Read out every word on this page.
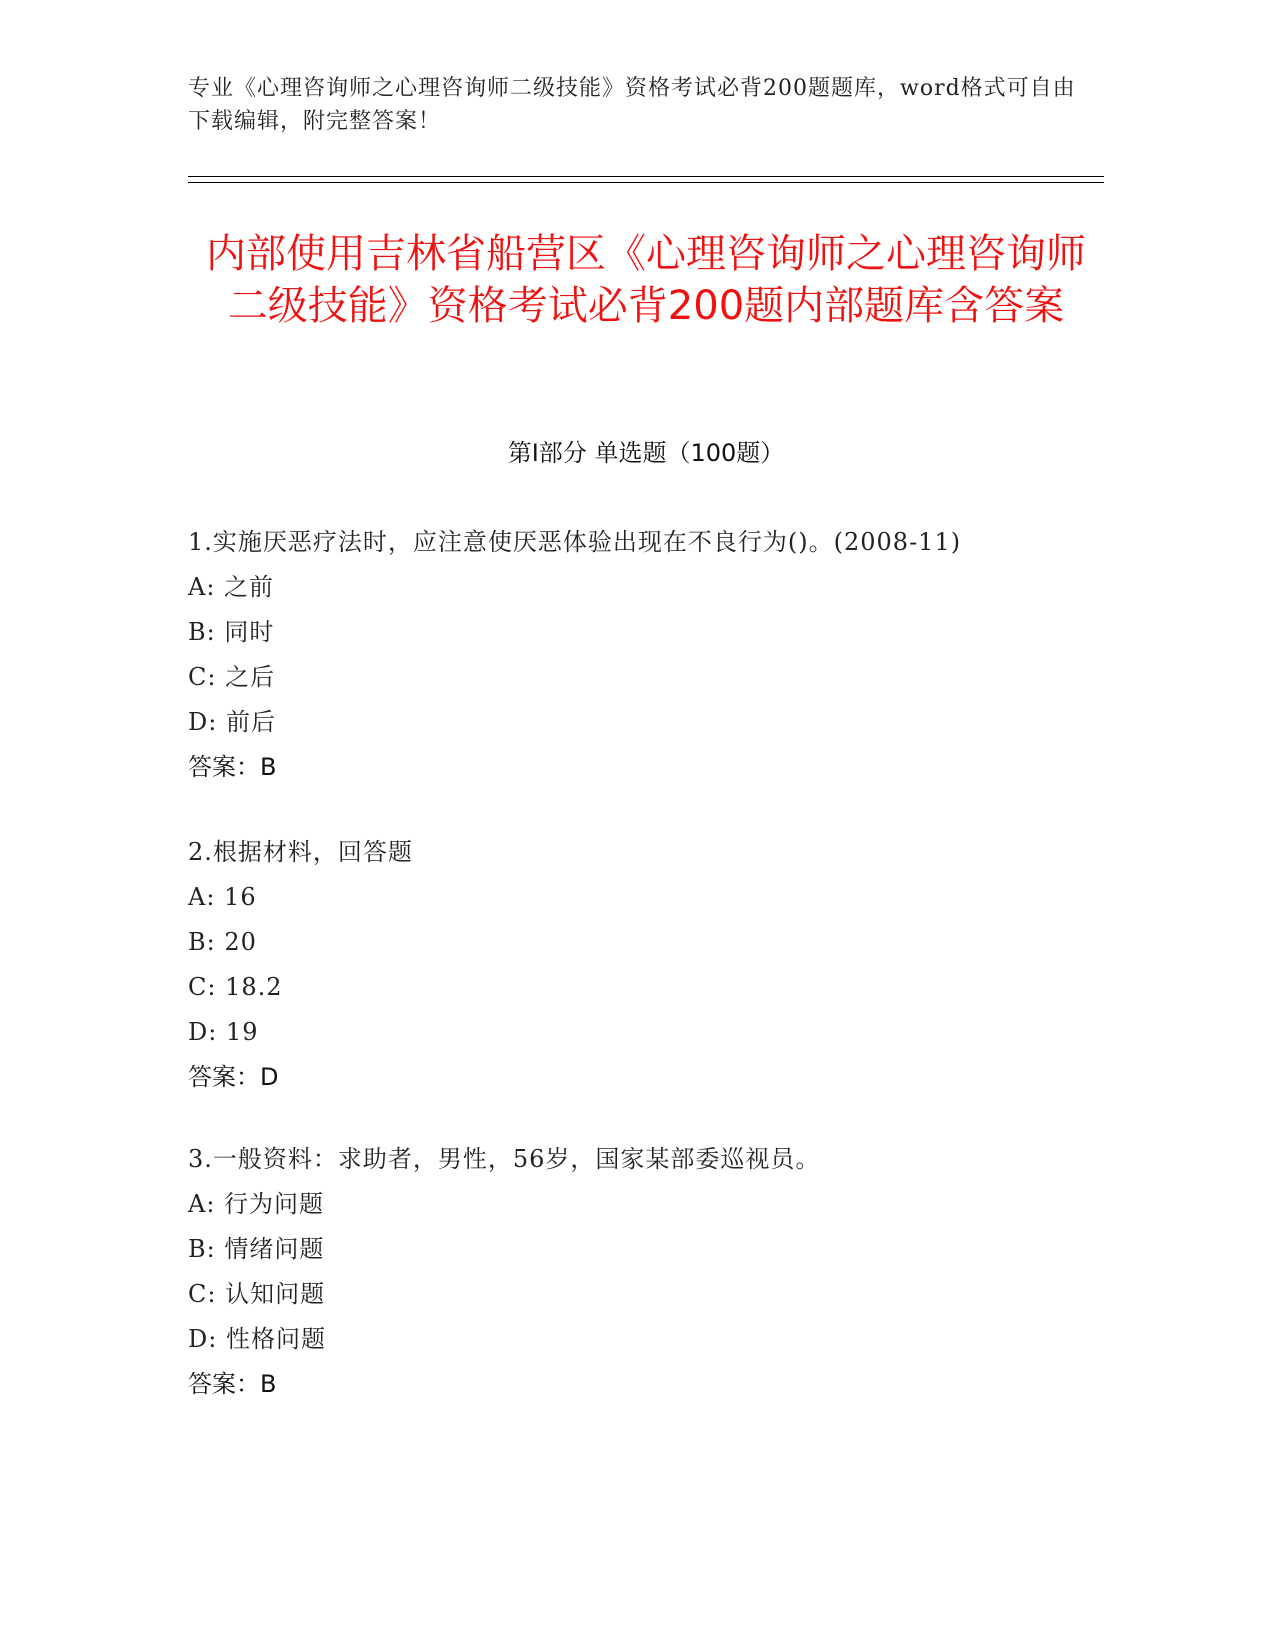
专业《心理咨询师之心理咨询师二级技能》资格考试必背200题题库，word格式可自由下载编辑，附完整答案！
内部使用吉林省船营区《心理咨询师之心理咨询师二级技能》资格考试必背200题内部题库含答案
第I部分 单选题（100题）
1.实施厌恶疗法时，应注意使厌恶体验出现在不良行为()。(2008-11)
A: 之前
B: 同时
C: 之后
D: 前后
答案：B
2.根据材料，回答题
A: 16
B: 20
C: 18.2
D: 19
答案：D
3.一般资料：求助者，男性，56岁，国家某部委巡视员。
A: 行为问题
B: 情绪问题
C: 认知问题
D: 性格问题
答案：B
